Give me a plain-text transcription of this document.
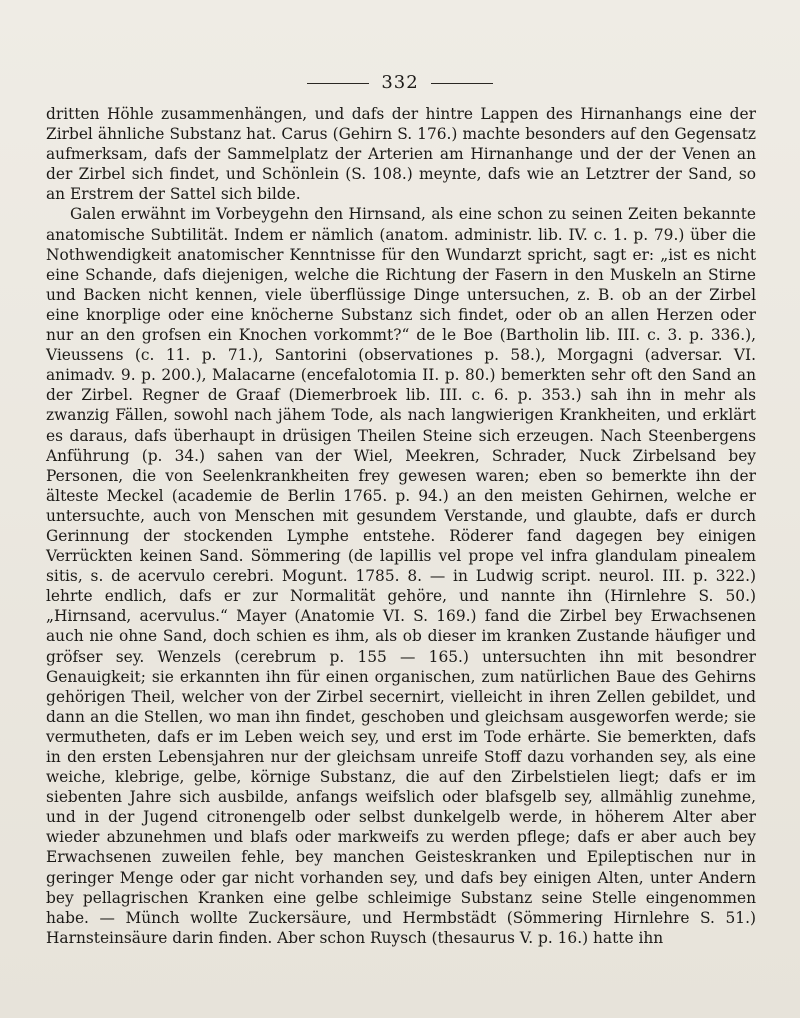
332

dritten Höhle zusammenhängen, und dafs der hintre Lappen des Hirnanhangs eine der Zirbel ähnliche Substanz hat. Carus (Gehirn S. 176.) machte besonders auf den Gegensatz aufmerksam, dafs der Sammelplatz der Arterien am Hirnanhange und der der Venen an der Zirbel sich findet, und Schönlein (S. 108.) meynte, dafs wie an Letztrer der Sand, so an Erstrem der Sattel sich bilde.

Galen erwähnt im Vorbeygehn den Hirnsand, als eine schon zu seinen Zeiten bekannte anatomische Subtilität. Indem er nämlich (anatom. administr. lib. IV. c. 1. p. 79.) über die Nothwendigkeit anatomischer Kenntnisse für den Wundarzt spricht, sagt er: „ist es nicht eine Schande, dafs diejenigen, welche die Richtung der Fasern in den Muskeln an Stirne und Backen nicht kennen, viele überflüssige Dinge untersuchen, z. B. ob an der Zirbel eine knorplige oder eine knöcherne Substanz sich findet, oder ob an allen Herzen oder nur an den grofsen ein Knochen vorkommt?“ de le Boe (Bartholin lib. III. c. 3. p. 336.), Vieussens (c. 11. p. 71.), Santorini (observationes p. 58.), Morgagni (adversar. VI. animadv. 9. p. 200.), Malacarne (encefalotomia II. p. 80.) bemerkten sehr oft den Sand an der Zirbel. Regner de Graaf (Diemerbroek lib. III. c. 6. p. 353.) sah ihn in mehr als zwanzig Fällen, sowohl nach jähem Tode, als nach langwierigen Krankheiten, und erklärt es daraus, dafs überhaupt in drüsigen Theilen Steine sich erzeugen. Nach Steenbergens Anführung (p. 34.) sahen van der Wiel, Meekren, Schrader, Nuck Zirbelsand bey Personen, die von Seelenkrankheiten frey gewesen waren; eben so bemerkte ihn der älteste Meckel (academie de Berlin 1765. p. 94.) an den meisten Gehirnen, welche er untersuchte, auch von Menschen mit gesundem Verstande, und glaubte, dafs er durch Gerinnung der stockenden Lymphe entstehe. Röderer fand dagegen bey einigen Verrückten keinen Sand. Sömmering (de lapillis vel prope vel infra glandulam pinealem sitis, s. de acervulo cerebri. Mogunt. 1785. 8. — in Ludwig script. neurol. III. p. 322.) lehrte endlich, dafs er zur Normalität gehöre, und nannte ihn (Hirnlehre S. 50.) „Hirnsand, acervulus.“ Mayer (Anatomie VI. S. 169.) fand die Zirbel bey Erwachsenen auch nie ohne Sand, doch schien es ihm, als ob dieser im kranken Zustande häufiger und gröfser sey. Wenzels (cerebrum p. 155 — 165.) untersuchten ihn mit besondrer Genauigkeit; sie erkannten ihn für einen organischen, zum natürlichen Baue des Gehirns gehörigen Theil, welcher von der Zirbel secernirt, vielleicht in ihren Zellen gebildet, und dann an die Stellen, wo man ihn findet, geschoben und gleichsam ausgeworfen werde; sie vermutheten, dafs er im Leben weich sey, und erst im Tode erhärte. Sie bemerkten, dafs in den ersten Lebensjahren nur der gleichsam unreife Stoff dazu vorhanden sey, als eine weiche, klebrige, gelbe, körnige Substanz, die auf den Zirbelstielen liegt; dafs er im siebenten Jahre sich ausbilde, anfangs weifslich oder blafsgelb sey, allmählig zunehme, und in der Jugend citronengelb oder selbst dunkelgelb werde, in höherem Alter aber wieder abzunehmen und blafs oder markweifs zu werden pflege; dafs er aber auch bey Erwachsenen zuweilen fehle, bey manchen Geisteskranken und Epileptischen nur in geringer Menge oder gar nicht vorhanden sey, und dafs bey einigen Alten, unter Andern bey pellagrischen Kranken eine gelbe schleimige Substanz seine Stelle eingenommen habe. — Münch wollte Zuckersäure, und Hermbstädt (Sömmering Hirnlehre S. 51.) Harnsteinsäure darin finden. Aber schon Ruysch (thesaurus V. p. 16.) hatte ihn
